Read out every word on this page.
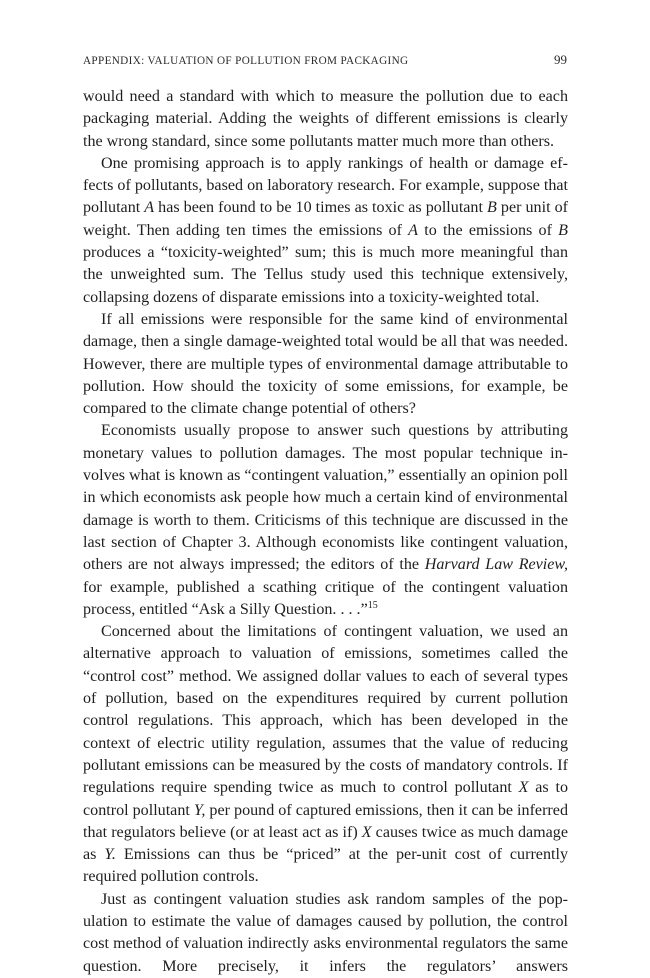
APPENDIX: VALUATION OF POLLUTION FROM PACKAGING	99

would need a standard with which to measure the pollution due to each packaging material. Adding the weights of different emissions is clearly the wrong standard, since some pollutants matter much more than others.

One promising approach is to apply rankings of health or damage effects of pollutants, based on laboratory research. For example, suppose that pollutant A has been found to be 10 times as toxic as pollutant B per unit of weight. Then adding ten times the emissions of A to the emissions of B produces a “toxicity-weighted” sum; this is much more meaningful than the unweighted sum. The Tellus study used this technique extensively, collapsing dozens of disparate emissions into a toxicity-weighted total.

If all emissions were responsible for the same kind of environmental damage, then a single damage-weighted total would be all that was needed. However, there are multiple types of environmental damage attributable to pollution. How should the toxicity of some emissions, for example, be compared to the climate change potential of others?

Economists usually propose to answer such questions by attributing monetary values to pollution damages. The most popular technique involves what is known as “contingent valuation,” essentially an opinion poll in which economists ask people how much a certain kind of environmental damage is worth to them. Criticisms of this technique are discussed in the last section of Chapter 3. Although economists like contingent valuation, others are not always impressed; the editors of the Harvard Law Review, for example, published a scathing critique of the contingent valuation process, entitled “Ask a Silly Question. . . .”$^{15}$

Concerned about the limitations of contingent valuation, we used an alternative approach to valuation of emissions, sometimes called the “control cost” method. We assigned dollar values to each of several types of pollution, based on the expenditures required by current pollution control regulations. This approach, which has been developed in the context of electric utility regulation, assumes that the value of reducing pollutant emissions can be measured by the costs of mandatory controls. If regulations require spending twice as much to control pollutant X as to control pollutant Y, per pound of captured emissions, then it can be inferred that regulators believe (or at least act as if) X causes twice as much damage as Y. Emissions can thus be “priced” at the per-unit cost of currently required pollution controls.

Just as contingent valuation studies ask random samples of the population to estimate the value of damages caused by pollution, the control cost method of valuation indirectly asks environmental regulators the same question. More precisely, it infers the regulators’ answers
